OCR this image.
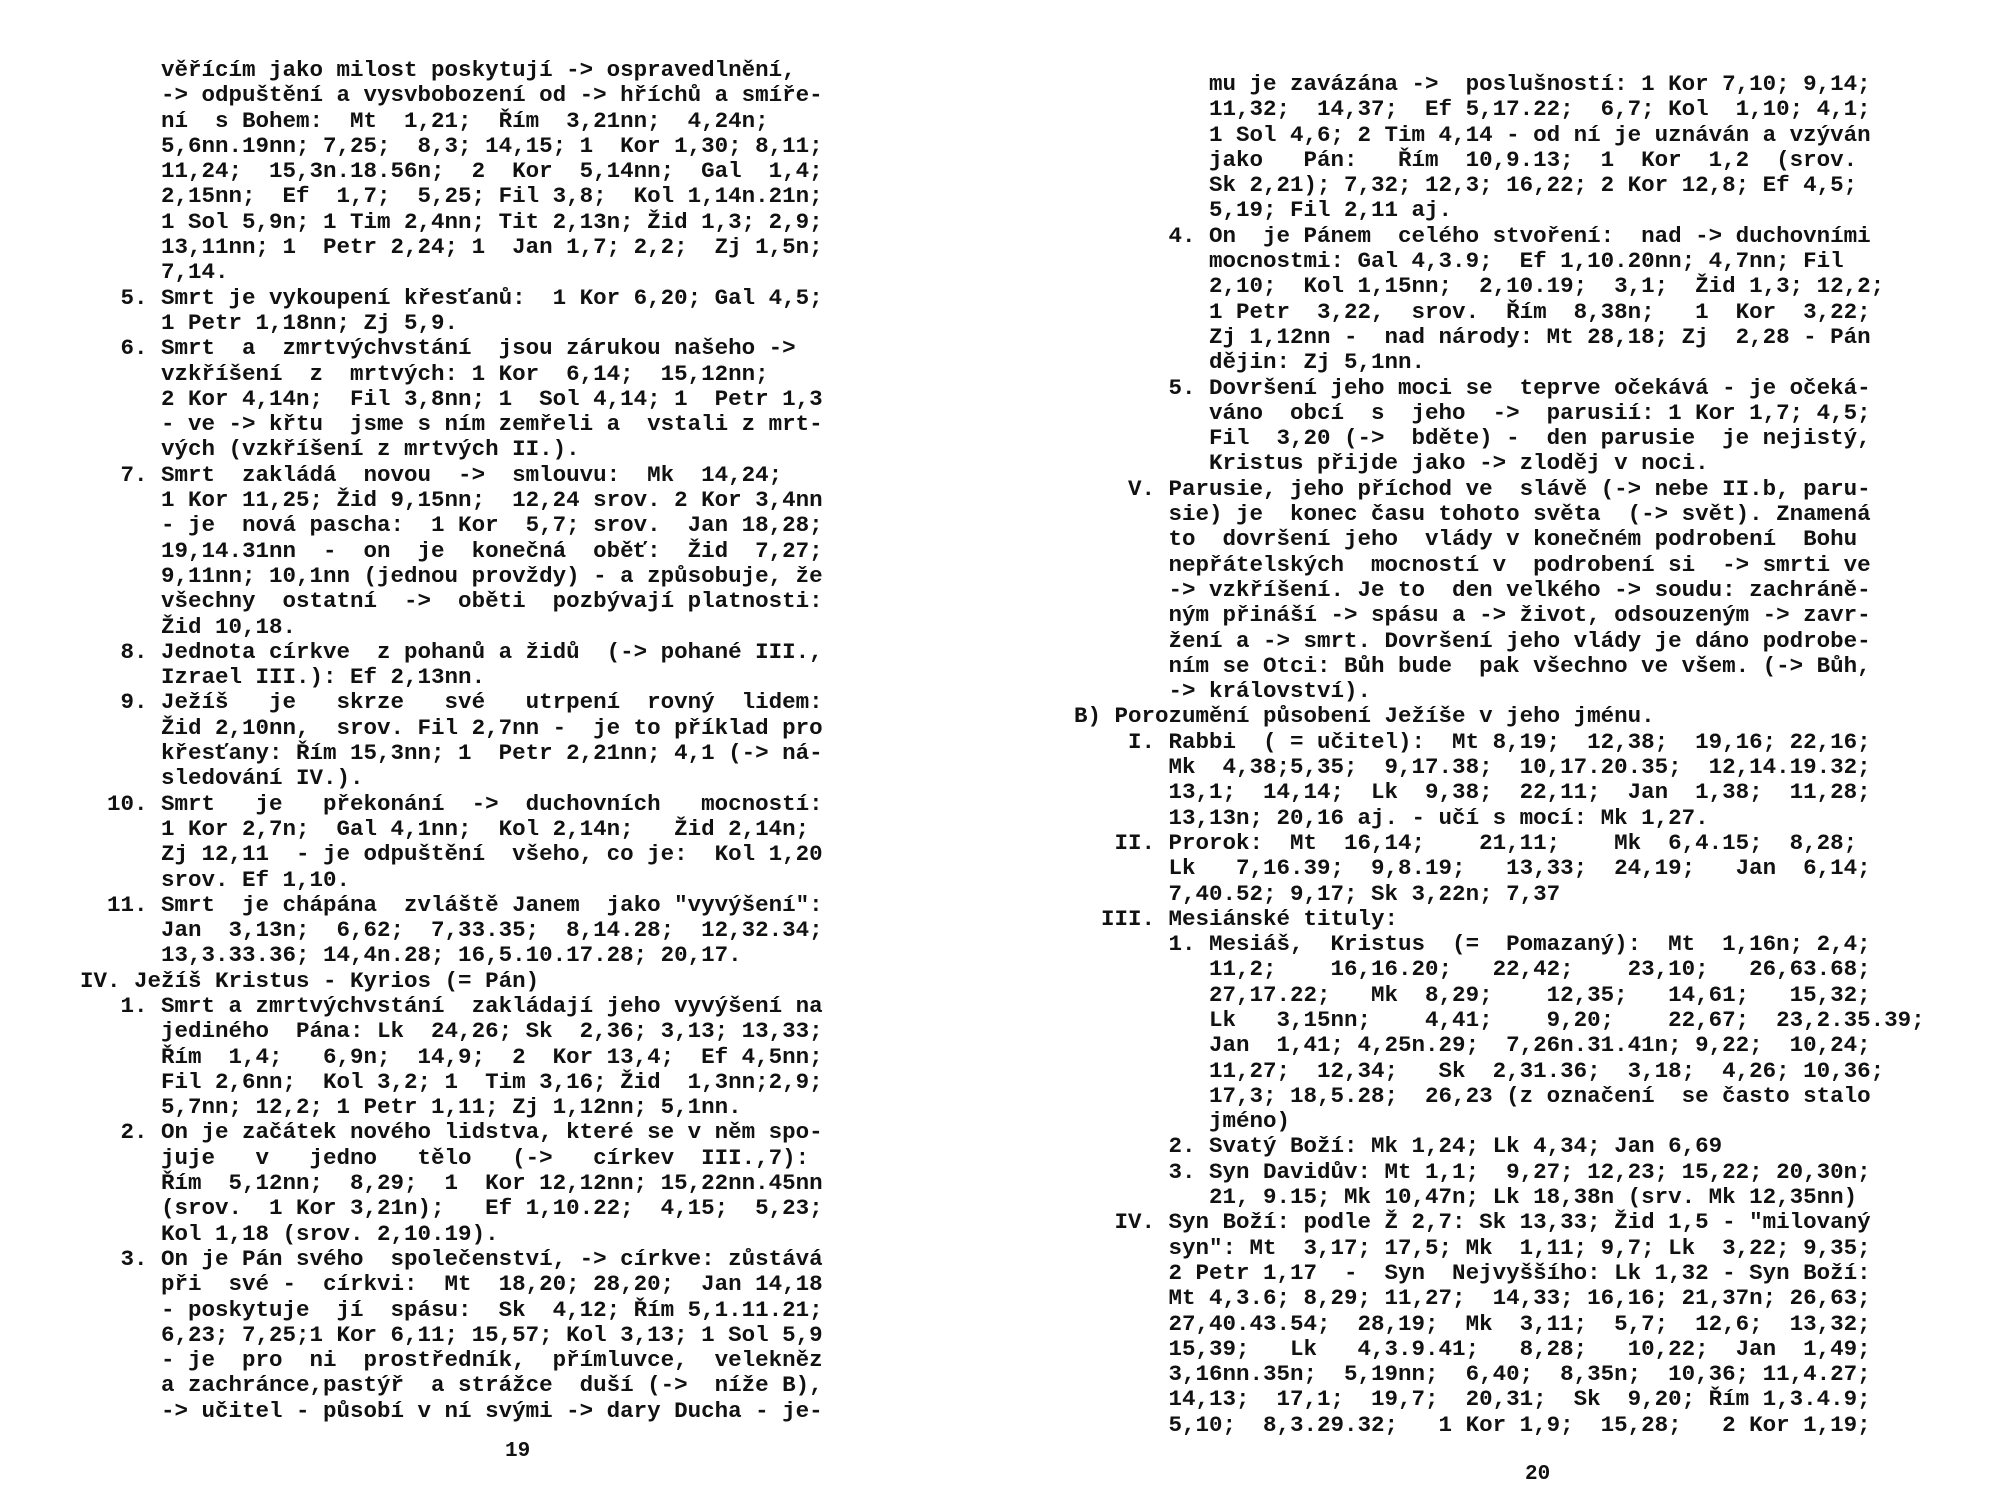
věřícím jako milost poskytují -> ospravedlnění,
-> odpuštění a vysvbobození od -> hříchů a smíře-
ní  s Bohem:  Mt  1,21;  Řím  3,21nn;  4,24n;
5,6nn.19nn; 7,25;  8,3; 14,15; 1  Kor 1,30; 8,11;
11,24;  15,3n.18.56n;  2  Kor  5,14nn;  Gal  1,4;
2,15nn;  Ef  1,7;  5,25; Fil 3,8;  Kol 1,14n.21n;
1 Sol 5,9n; 1 Tim 2,4nn; Tit 2,13n; Žid 1,3; 2,9;
13,11nn; 1  Petr 2,24; 1  Jan 1,7; 2,2;  Zj 1,5n;
7,14.
5. Smrt je vykoupení křesťanů:  1 Kor 6,20; Gal 4,5;
1 Petr 1,18nn; Zj 5,9.
6. Smrt  a  zmrtvýchvstání  jsou zárukou našeho ->
vzkříšení  z  mrtvých: 1 Kor  6,14;  15,12nn;
2 Kor 4,14n;  Fil 3,8nn; 1  Sol 4,14; 1  Petr 1,3
- ve -> křtu  jsme s ním zemřeli a  vstali z mrt-
vých (vzkříšení z mrtvých II.).
7. Smrt  zakládá  novou  ->  smlouvu:  Mk  14,24;
1 Kor 11,25; Žid 9,15nn;  12,24 srov. 2 Kor 3,4nn
- je  nová pascha:  1 Kor  5,7; srov.  Jan 18,28;
19,14.31nn  -  on  je  konečná  oběť:  Žid  7,27;
9,11nn; 10,1nn (jednou provždy) - a způsobuje, že
všechny  ostatní  ->  oběti  pozbývají platnosti:
Žid 10,18.
8. Jednota církve  z pohanů a židů  (-> pohané III.,
Izrael III.): Ef 2,13nn.
9. Ježíš   je   skrze   své   utrpení  rovný  lidem:
Žid 2,10nn,  srov. Fil 2,7nn -  je to příklad pro
křesťany: Řím 15,3nn; 1  Petr 2,21nn; 4,1 (-> ná-
sledování IV.).
10. Smrt   je   překonání  ->  duchovních   mocností:
1 Kor 2,7n;  Gal 4,1nn;  Kol 2,14n;   Žid 2,14n;
Zj 12,11  - je odpuštění  všeho, co je:  Kol 1,20
srov. Ef 1,10.
11. Smrt  je chápána  zvláště Janem  jako "vyvýšení":
Jan  3,13n;  6,62;  7,33.35;  8,14.28;  12,32.34;
13,3.33.36; 14,4n.28; 16,5.10.17.28; 20,17.
IV. Ježíš Kristus - Kyrios (= Pán)
1. Smrt a zmrtvýchvstání  zakládají jeho vyvýšení na
jediného  Pána: Lk  24,26; Sk  2,36; 3,13; 13,33;
Řím  1,4;   6,9n;  14,9;  2  Kor 13,4;  Ef 4,5nn;
Fil 2,6nn;  Kol 3,2; 1  Tim 3,16; Žid  1,3nn;2,9;
5,7nn; 12,2; 1 Petr 1,11; Zj 1,12nn; 5,1nn.
2. On je začátek nového lidstva, které se v něm spo-
juje   v   jedno   tělo   (->   církev  III.,7):
Řím  5,12nn;  8,29;  1  Kor 12,12nn; 15,22nn.45nn
(srov.  1 Kor 3,21n);   Ef 1,10.22;  4,15;  5,23;
Kol 1,18 (srov. 2,10.19).
3. On je Pán svého  společenství, -> církve: zůstává
při  své -  církvi:  Mt  18,20; 28,20;  Jan 14,18
- poskytuje  jí  spásu:  Sk  4,12; Řím 5,1.11.21;
6,23; 7,25;1 Kor 6,11; 15,57; Kol 3,13; 1 Sol 5,9
- je  pro  ni  prostředník,  přímluvce,  velekněz
a zachránce,pastýř  a strážce  duší (->  níže B),
-> učitel - působí v ní svými -> dary Ducha - je-
19
mu je zavázána ->  poslušností: 1 Kor 7,10; 9,14;
11,32;  14,37;  Ef 5,17.22;  6,7; Kol  1,10; 4,1;
1 Sol 4,6; 2 Tim 4,14 - od ní je uznáván a vzýván
jako   Pán:   Řím  10,9.13;  1  Kor  1,2  (srov.
Sk 2,21); 7,32; 12,3; 16,22; 2 Kor 12,8; Ef 4,5;
5,19; Fil 2,11 aj.
4. On  je Pánem  celého stvoření:  nad -> duchovními
mocnostmi: Gal 4,3.9;  Ef 1,10.20nn; 4,7nn; Fil
2,10;  Kol 1,15nn;  2,10.19;  3,1;  Žid 1,3; 12,2;
1 Petr  3,22,  srov.  Řím  8,38n;   1  Kor  3,22;
Zj 1,12nn -  nad národy: Mt 28,18; Zj  2,28 - Pán
dějin: Zj 5,1nn.
5. Dovršení jeho moci se  teprve očekává - je očeká-
váno  obcí  s  jeho  ->  parusií: 1 Kor 1,7; 4,5;
Fil  3,20 (->  bděte) -  den parusie  je nejistý,
Kristus přijde jako -> zloděj v noci.
V. Parusie, jeho příchod ve  slávě (-> nebe II.b, paru-
sie) je  konec času tohoto světa  (-> svět). Znamená
to  dovršení jeho  vlády v konečném podrobení  Bohu
nepřátelských  mocností v  podrobení si  -> smrti ve
-> vzkříšení. Je to  den velkého -> soudu: zachráně-
ným přináší -> spásu a -> život, odsouzeným -> zavr-
žení a -> smrt. Dovršení jeho vlády je dáno podrobe-
ním se Otci: Bůh bude  pak všechno ve všem. (-> Bůh,
-> království).
B) Porozumění působení Ježíše v jeho jménu.
I. Rabbi  ( = učitel):  Mt 8,19;  12,38;  19,16; 22,16;
Mk  4,38;5,35;  9,17.38;  10,17.20.35;  12,14.19.32;
13,1;  14,14;  Lk  9,38;  22,11;  Jan  1,38;  11,28;
13,13n; 20,16 aj. - učí s mocí: Mk 1,27.
II. Prorok:  Mt  16,14;    21,11;    Mk  6,4.15;  8,28;
Lk   7,16.39;  9,8.19;   13,33;  24,19;   Jan  6,14;
7,40.52; 9,17; Sk 3,22n; 7,37
III. Mesiánské tituly:
1. Mesiáš,  Kristus  (=  Pomazaný):  Mt  1,16n; 2,4;
11,2;    16,16.20;   22,42;    23,10;   26,63.68;
27,17.22;   Mk  8,29;    12,35;   14,61;   15,32;
Lk   3,15nn;    4,41;    9,20;    22,67;  23,2.35.39;
Jan  1,41; 4,25n.29;  7,26n.31.41n; 9,22;  10,24;
11,27;  12,34;   Sk  2,31.36;  3,18;  4,26; 10,36;
17,3; 18,5.28;  26,23 (z označení  se často stalo
jméno)
2. Svatý Boží: Mk 1,24; Lk 4,34; Jan 6,69
3. Syn Davidův: Mt 1,1;  9,27; 12,23; 15,22; 20,30n;
21, 9.15; Mk 10,47n; Lk 18,38n (srv. Mk 12,35nn)
IV. Syn Boží: podle Ž 2,7: Sk 13,33; Žid 1,5 - "milovaný
syn": Mt  3,17; 17,5; Mk  1,11; 9,7; Lk  3,22; 9,35;
2 Petr 1,17  -  Syn  Nejvyššího: Lk 1,32 - Syn Boží:
Mt 4,3.6; 8,29; 11,27;  14,33; 16,16; 21,37n; 26,63;
27,40.43.54;  28,19;  Mk  3,11;  5,7;  12,6;  13,32;
15,39;   Lk   4,3.9.41;   8,28;   10,22;  Jan  1,49;
3,16nn.35n;  5,19nn;  6,40;  8,35n;  10,36; 11,4.27;
14,13;  17,1;  19,7;  20,31;  Sk  9,20; Řím 1,3.4.9;
5,10;  8,3.29.32;   1 Kor 1,9;  15,28;   2 Kor 1,19;
20
